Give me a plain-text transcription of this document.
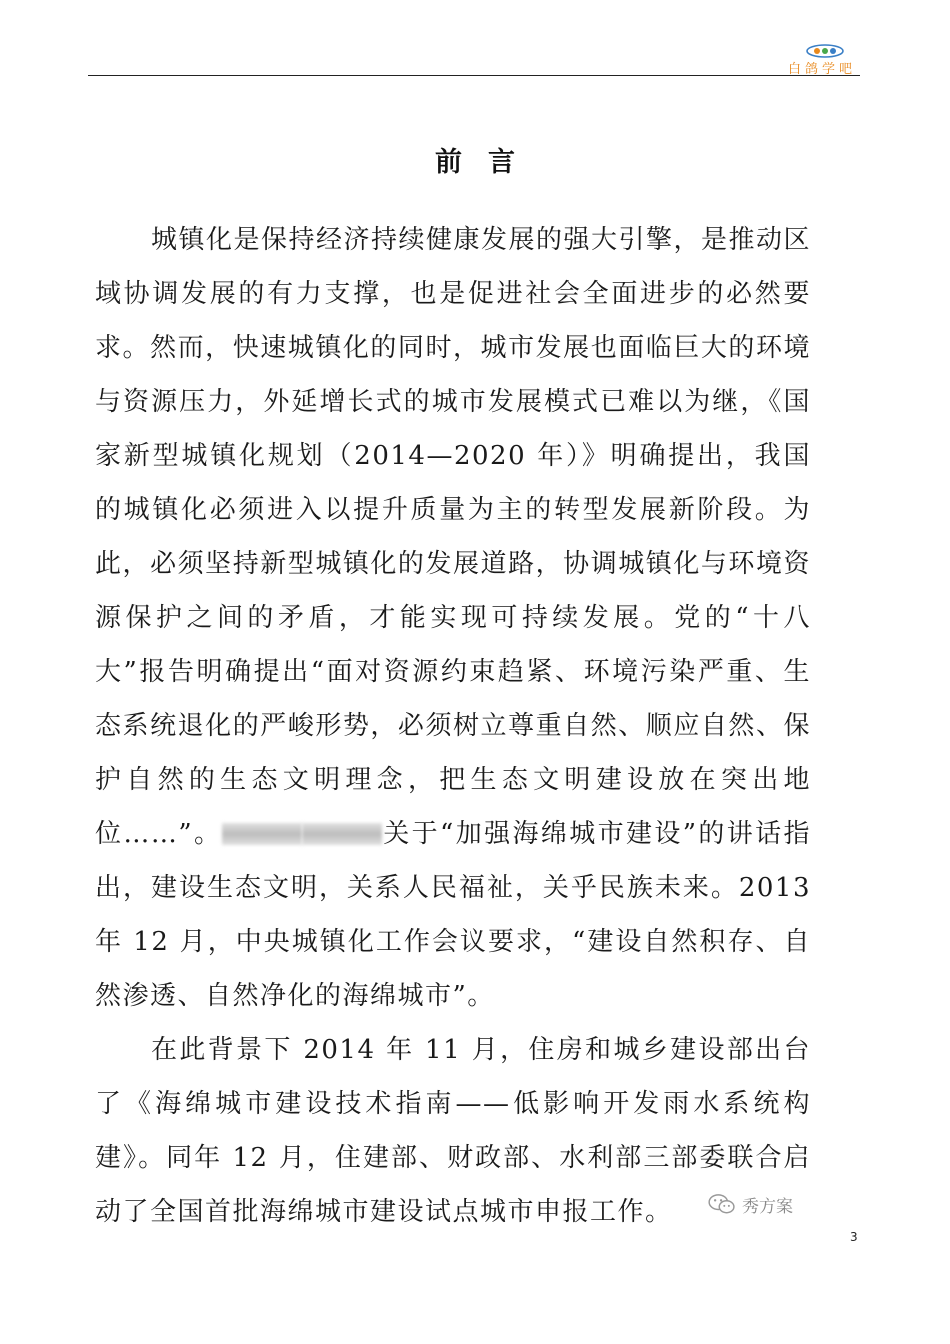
白鸽学吧
前言

城镇化是保持经济持续健康发展的强大引擎，是推动区域协调发展的有力支撑，也是促进社会全面进步的必然要求。然而，快速城镇化的同时，城市发展也面临巨大的环境与资源压力，外延增长式的城市发展模式已难以为继，《国家新型城镇化规划（2014—2020 年）》明确提出，我国的城镇化必须进入以提升质量为主的转型发展新阶段。为此，必须坚持新型城镇化的发展道路，协调城镇化与环境资源保护之间的矛盾，才能实现可持续发展。党的“十八大”报告明确提出“面对资源约束趋紧、环境污染严重、生态系统退化的严峻形势，必须树立尊重自然、顺应自然、保护自然的生态文明理念，把生态文明建设放在突出地位……”。	关于“加强海绵城市建设”的讲话指出，建设生态文明，关系人民福祉，关乎民族未来。2013 年 12 月，中央城镇化工作会议要求，“建设自然积存、自然渗透、自然净化的海绵城市”。

在此背景下 2014 年 11 月，住房和城乡建设部出台了《海绵城市建设技术指南——低影响开发雨水系统构建》。同年 12 月，住建部、财政部、水利部三部委联合启动了全国首批海绵城市建设试点城市申报工作。	秀方案
3
